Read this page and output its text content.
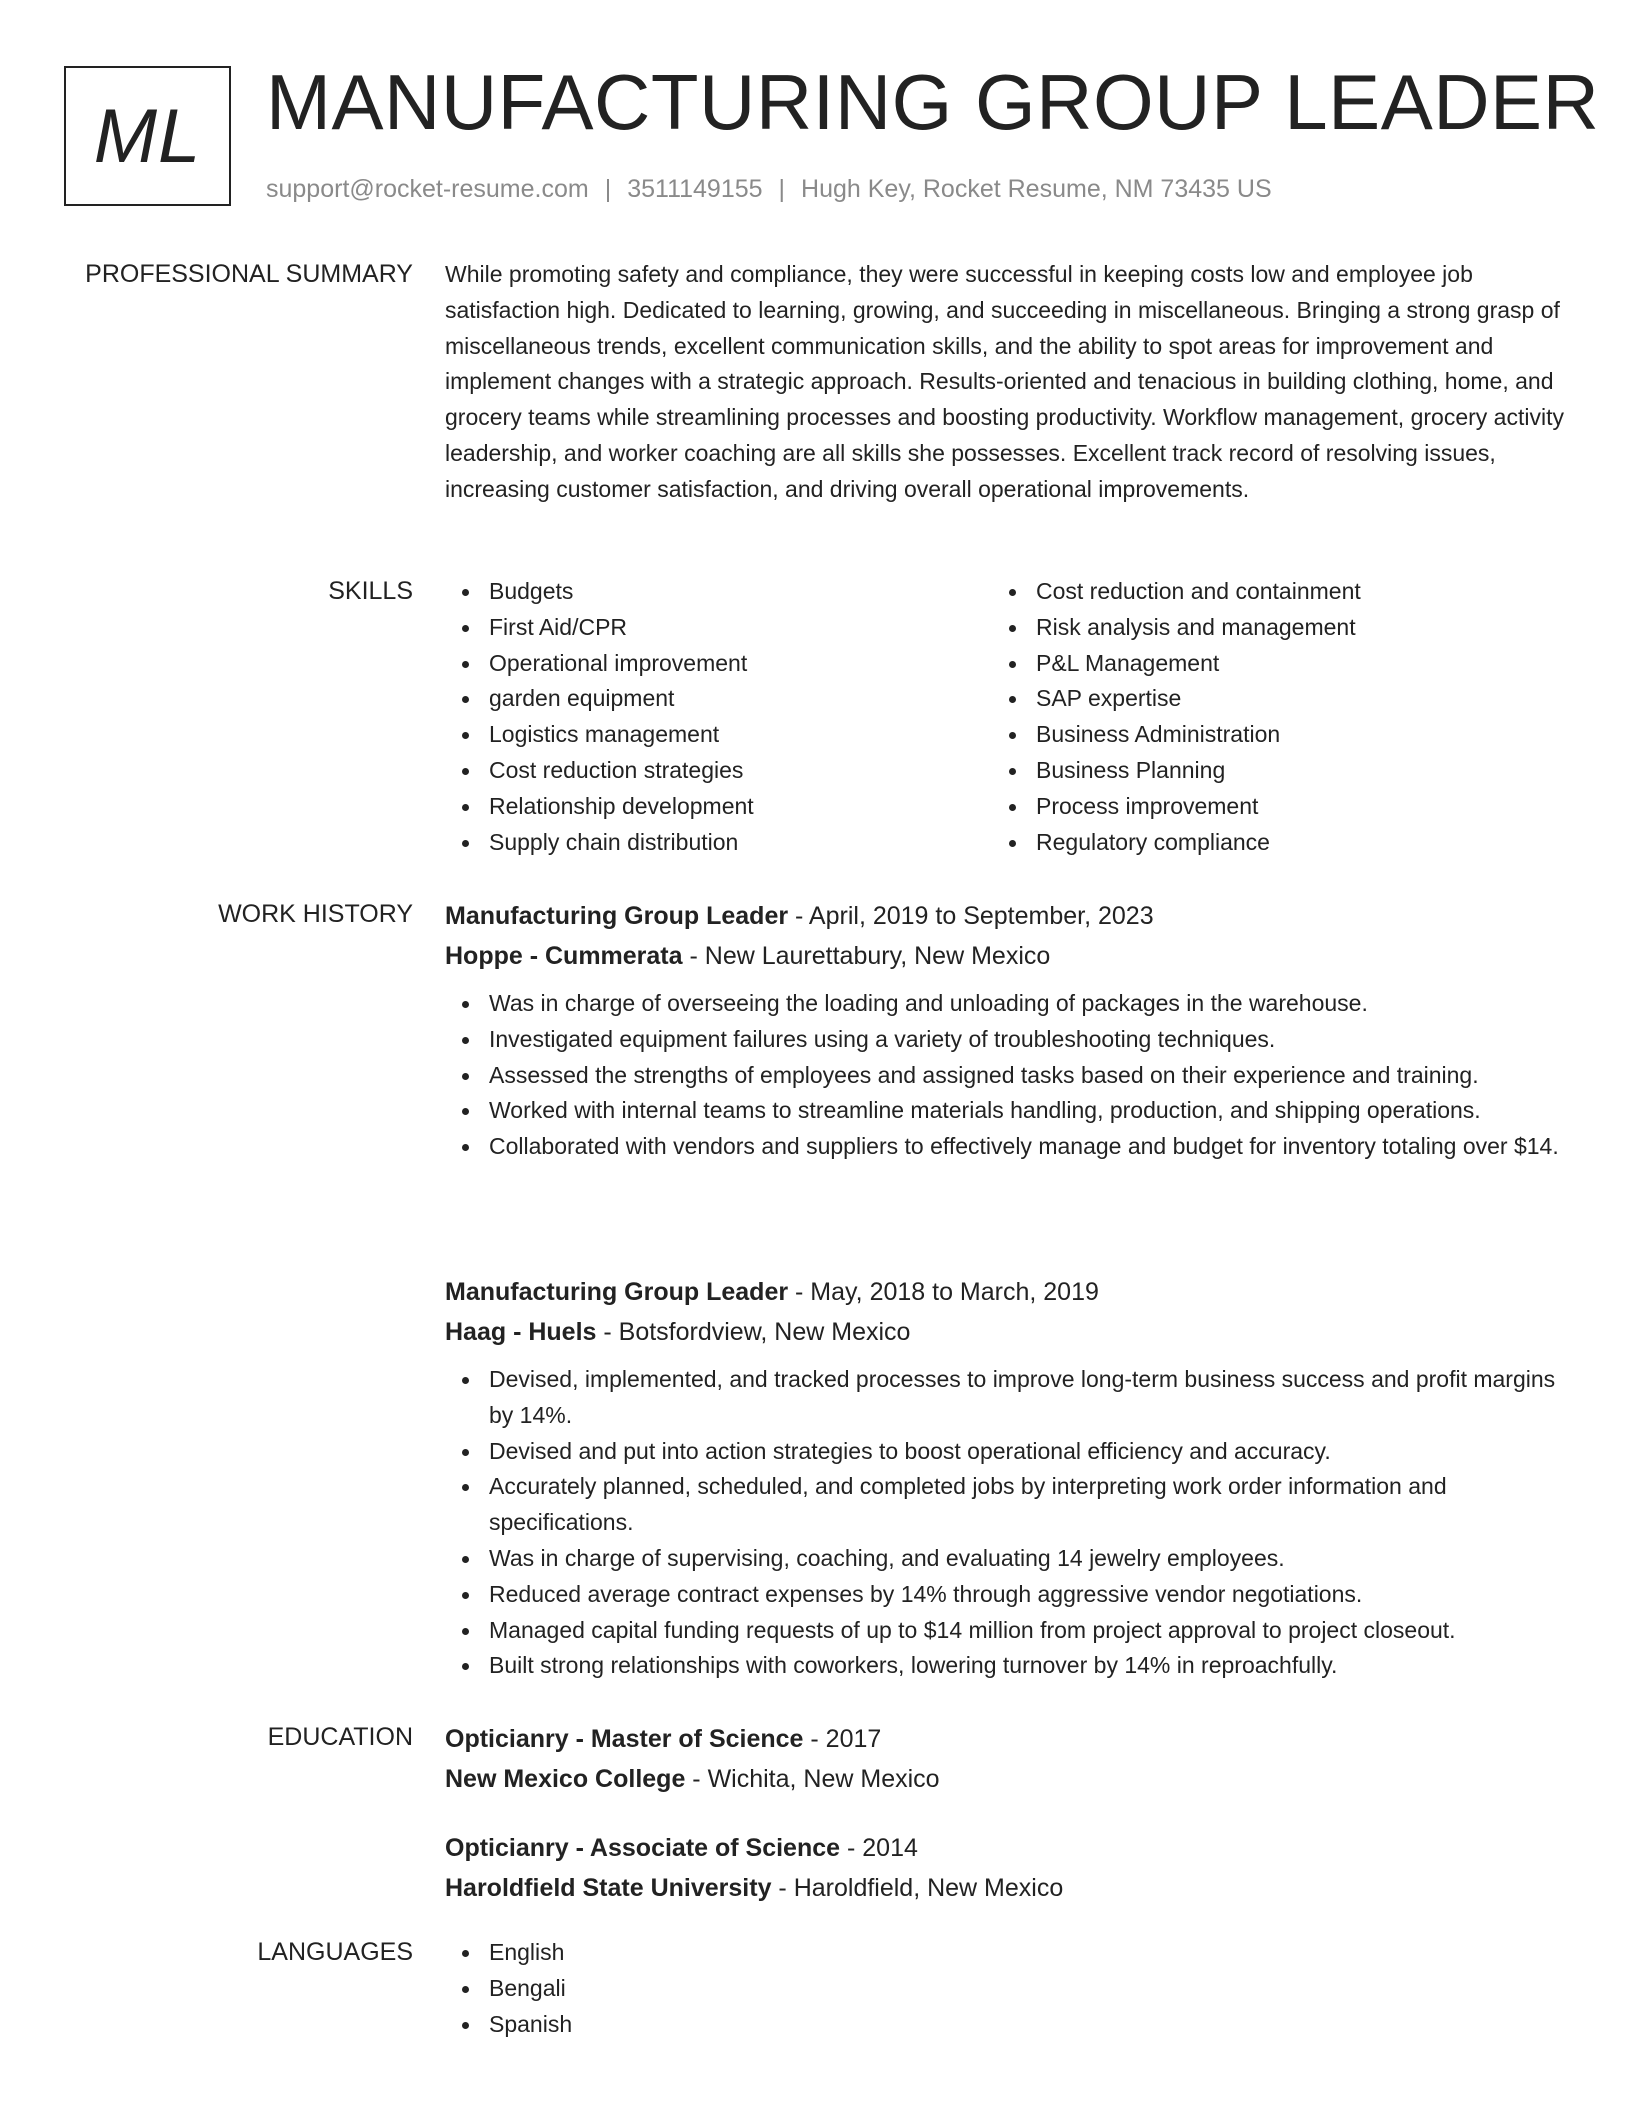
ML MANUFACTURING GROUP LEADER
support@rocket-resume.com | 3511149155 | Hugh Key, Rocket Resume, NM 73435 US
PROFESSIONAL SUMMARY While promoting safety and compliance, they were successful in keeping costs low and employee job satisfaction high. Dedicated to learning, growing, and succeeding in miscellaneous. Bringing a strong grasp of miscellaneous trends, excellent communication skills, and the ability to spot areas for improvement and implement changes with a strategic approach. Results-oriented and tenacious in building clothing, home, and grocery teams while streamlining processes and boosting productivity. Workflow management, grocery activity leadership, and worker coaching are all skills she possesses. Excellent track record of resolving issues, increasing customer satisfaction, and driving overall operational improvements.

SKILLS	Budgets
First Aid/CPR
Operational improvement
garden equipment
Logistics management
Cost reduction strategies
Relationship development
Supply chain distribution
Cost reduction and containment
Risk analysis and management
P&L Management
SAP expertise
Business Administration
Business Planning
Process improvement
Regulatory compliance
WORK HISTORY Manufacturing Group Leader - April, 2019 to September, 2023
Hoppe - Cummerata - New Laurettabury, New Mexico
Was in charge of overseeing the loading and unloading of packages in the warehouse.
Investigated equipment failures using a variety of troubleshooting techniques.
Assessed the strengths of employees and assigned tasks based on their experience and training.
Worked with internal teams to streamline materials handling, production, and shipping operations.
Collaborated with vendors and suppliers to effectively manage and budget for inventory totaling over $14.
Manufacturing Group Leader - May, 2018 to March, 2019
Haag - Huels - Botsfordview, New Mexico
Devised, implemented, and tracked processes to improve long-term business success and profit margins by 14%.
Devised and put into action strategies to boost operational efficiency and accuracy.
Accurately planned, scheduled, and completed jobs by interpreting work order information and specifications.
Was in charge of supervising, coaching, and evaluating 14 jewelry employees.
Reduced average contract expenses by 14% through aggressive vendor negotiations.
Managed capital funding requests of up to $14 million from project approval to project closeout.
Built strong relationships with coworkers, lowering turnover by 14% in reproachfully.
EDUCATION Opticianry - Master of Science - 2017
New Mexico College - Wichita, New Mexico
Opticianry - Associate of Science - 2014
Haroldfield State University - Haroldfield, New Mexico
LANGUAGES	English
Bengali
Spanish
